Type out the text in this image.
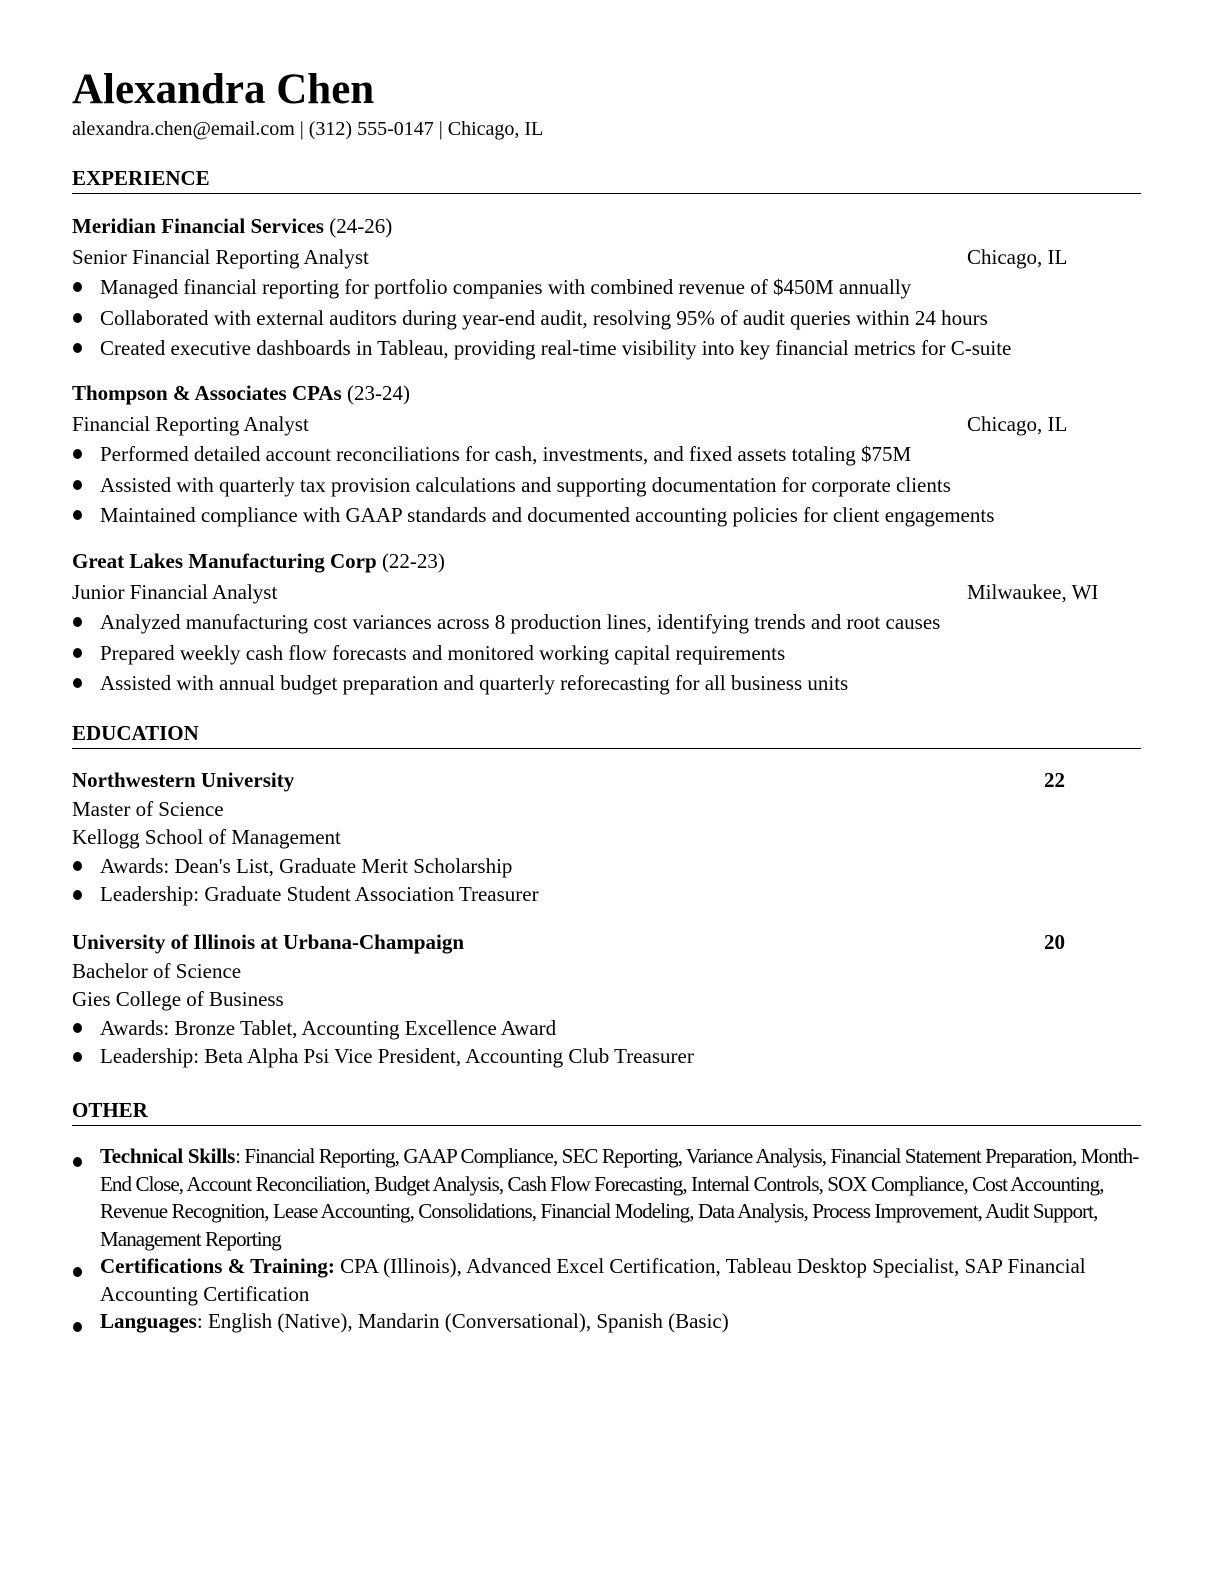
Alexandra Chen
alexandra.chen@email.com | (312) 555-0147 | Chicago, IL
EXPERIENCE
Meridian Financial Services (24-26)
Senior Financial Reporting Analyst	Chicago, IL
Managed financial reporting for portfolio companies with combined revenue of $450M annually
Collaborated with external auditors during year-end audit, resolving 95% of audit queries within 24 hours
Created executive dashboards in Tableau, providing real-time visibility into key financial metrics for C-suite
Thompson & Associates CPAs (23-24)
Financial Reporting Analyst	Chicago, IL
Performed detailed account reconciliations for cash, investments, and fixed assets totaling $75M
Assisted with quarterly tax provision calculations and supporting documentation for corporate clients
Maintained compliance with GAAP standards and documented accounting policies for client engagements
Great Lakes Manufacturing Corp (22-23)
Junior Financial Analyst	Milwaukee, WI
Analyzed manufacturing cost variances across 8 production lines, identifying trends and root causes
Prepared weekly cash flow forecasts and monitored working capital requirements
Assisted with annual budget preparation and quarterly reforecasting for all business units
EDUCATION
Northwestern University	22
Master of Science
Kellogg School of Management
Awards: Dean's List, Graduate Merit Scholarship
Leadership: Graduate Student Association Treasurer
University of Illinois at Urbana-Champaign	20
Bachelor of Science
Gies College of Business
Awards: Bronze Tablet, Accounting Excellence Award
Leadership: Beta Alpha Psi Vice President, Accounting Club Treasurer
OTHER
Technical Skills: Financial Reporting, GAAP Compliance, SEC Reporting, Variance Analysis, Financial Statement Preparation, Month-End Close, Account Reconciliation, Budget Analysis, Cash Flow Forecasting, Internal Controls, SOX Compliance, Cost Accounting, Revenue Recognition, Lease Accounting, Consolidations, Financial Modeling, Data Analysis, Process Improvement, Audit Support, Management Reporting
Certifications & Training: CPA (Illinois), Advanced Excel Certification, Tableau Desktop Specialist, SAP Financial Accounting Certification
Languages: English (Native), Mandarin (Conversational), Spanish (Basic)
